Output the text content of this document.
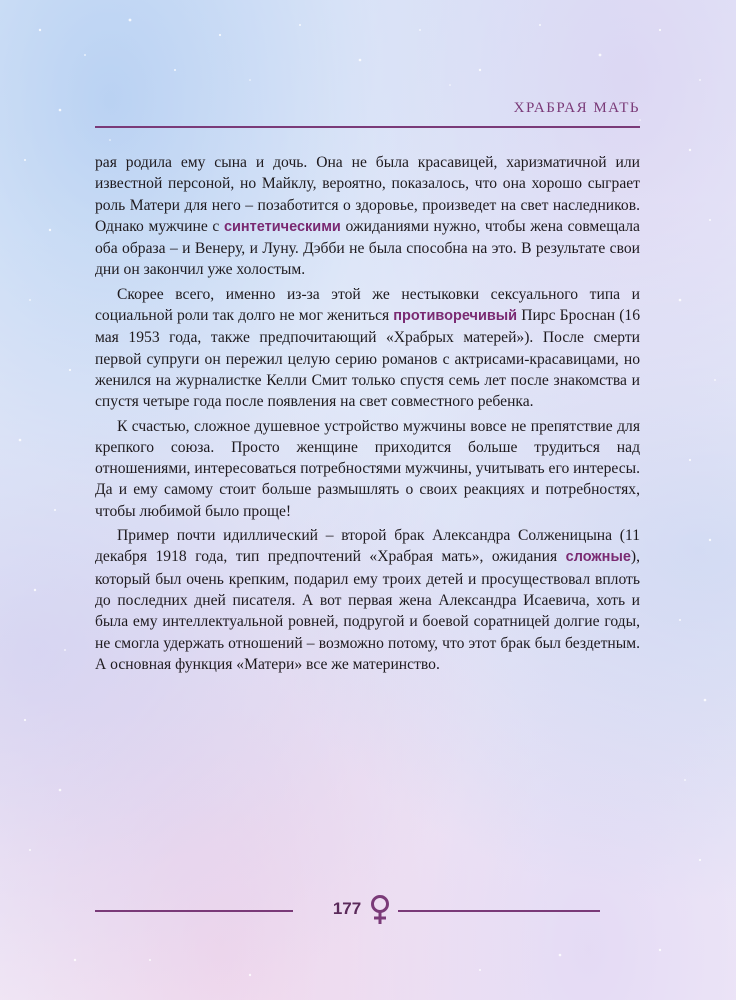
ХРАБРАЯ МАТЬ

рая родила ему сына и дочь. Она не была красавицей, харизматичной или известной персоной, но Майклу, вероятно, показалось, что она хорошо сыграет роль Матери для него – позаботится о здоровье, произведет на свет наследников. Однако мужчине с синтетическими ожиданиями нужно, чтобы жена совмещала оба образа – и Венеру, и Луну. Дэбби не была способна на это. В результате свои дни он закончил уже холостым.

Скорее всего, именно из-за этой же нестыковки сексуального типа и социальной роли так долго не мог жениться противоречивый Пирс Броснан (16 мая 1953 года, также предпочитающий «Храбрых матерей»). После смерти первой супруги он пережил целую серию романов с актрисами-красавицами, но женился на журналистке Келли Смит только спустя семь лет после знакомства и спустя четыре года после появления на свет совместного ребенка.

К счастью, сложное душевное устройство мужчины вовсе не препятствие для крепкого союза. Просто женщине приходится больше трудиться над отношениями, интересоваться потребностями мужчины, учитывать его интересы. Да и ему самому стоит больше размышлять о своих реакциях и потребностях, чтобы любимой было проще!

Пример почти идиллический – второй брак Александра Солженицына (11 декабря 1918 года, тип предпочтений «Храбрая мать», ожидания сложные), который был очень крепким, подарил ему троих детей и просуществовал вплоть до последних дней писателя. А вот первая жена Александра Исаевича, хоть и была ему интеллектуальной ровней, подругой и боевой соратницей долгие годы, не смогла удержать отношений – возможно потому, что этот брак был бездетным. А основная функция «Матери» все же материнство.

177
